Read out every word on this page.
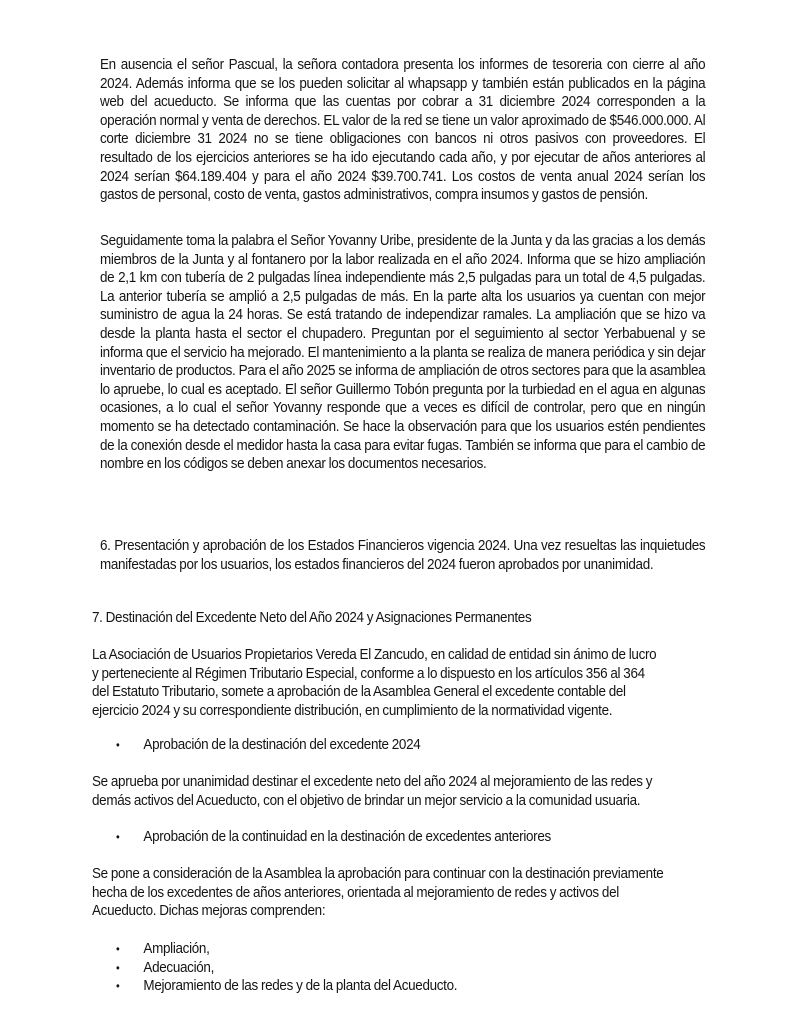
En ausencia el señor Pascual, la señora contadora presenta los informes de tesoreria con cierre al año 2024. Además informa que se los pueden solicitar al whapsapp y también están publicados en la página web del acueducto. Se informa que las cuentas por cobrar a 31 diciembre 2024 corresponden a la operación normal y venta de derechos. EL valor de la red se tiene un valor aproximado de $546.000.000. Al corte diciembre 31 2024 no se tiene obligaciones con bancos ni otros pasivos con proveedores. El resultado de los ejercicios anteriores se ha ido ejecutando cada año, y por ejecutar de años anteriores al 2024 serían $64.189.404 y para el año 2024 $39.700.741. Los costos de venta anual 2024 serían los gastos de personal, costo de venta, gastos administrativos, compra insumos y gastos de pensión.

Seguidamente toma la palabra el Señor Yovanny Uribe, presidente de la Junta y da las gracias a los demás miembros de la Junta y al fontanero por la labor realizada en el año 2024. Informa que se hizo ampliación de 2,1 km con tubería de 2 pulgadas línea independiente más 2,5 pulgadas para un total de 4,5 pulgadas. La anterior tubería se amplió a 2,5 pulgadas de más. En la parte alta los usuarios ya cuentan con mejor suministro de agua la 24 horas. Se está tratando de independizar ramales. La ampliación que se hizo va desde la planta hasta el sector el chupadero. Preguntan por el seguimiento al sector Yerbabuenal y se informa que el servicio ha mejorado. El mantenimiento a la planta se realiza de manera periódica y sin dejar inventario de productos. Para el año 2025 se informa de ampliación de otros sectores para que la asamblea lo apruebe, lo cual es aceptado. El señor Guillermo Tobón pregunta por la turbiedad en el agua en algunas ocasiones, a lo cual el señor Yovanny responde que a veces es difícil de controlar, pero que en ningún momento se ha detectado contaminación. Se hace la observación para que los usuarios estén pendientes de la conexión desde el medidor hasta la casa para evitar fugas. También se informa que para el cambio de nombre en los códigos se deben anexar los documentos necesarios.

6. Presentación y aprobación de los Estados Financieros vigencia 2024. Una vez resueltas las inquietudes manifestadas por los usuarios, los estados financieros del 2024 fueron aprobados por unanimidad.

7. Destinación del Excedente Neto del Año 2024 y Asignaciones Permanentes

La Asociación de Usuarios Propietarios Vereda El Zancudo, en calidad de entidad sin ánimo de lucro
y perteneciente al Régimen Tributario Especial, conforme a lo dispuesto en los artículos 356 al 364
del Estatuto Tributario, somete a aprobación de la Asamblea General el excedente contable del
ejercicio 2024 y su correspondiente distribución, en cumplimiento de la normatividad vigente.
• Aprobación de la destinación del excedente 2024
Se aprueba por unanimidad destinar el excedente neto del año 2024 al mejoramiento de las redes y
demás activos del Acueducto, con el objetivo de brindar un mejor servicio a la comunidad usuaria.
• Aprobación de la continuidad en la destinación de excedentes anteriores
Se pone a consideración de la Asamblea la aprobación para continuar con la destinación previamente
hecha de los excedentes de años anteriores, orientada al mejoramiento de redes y activos del
Acueducto. Dichas mejoras comprenden:
• Ampliación,
• Adecuación,
• Mejoramiento de las redes y de la planta del Acueducto.
